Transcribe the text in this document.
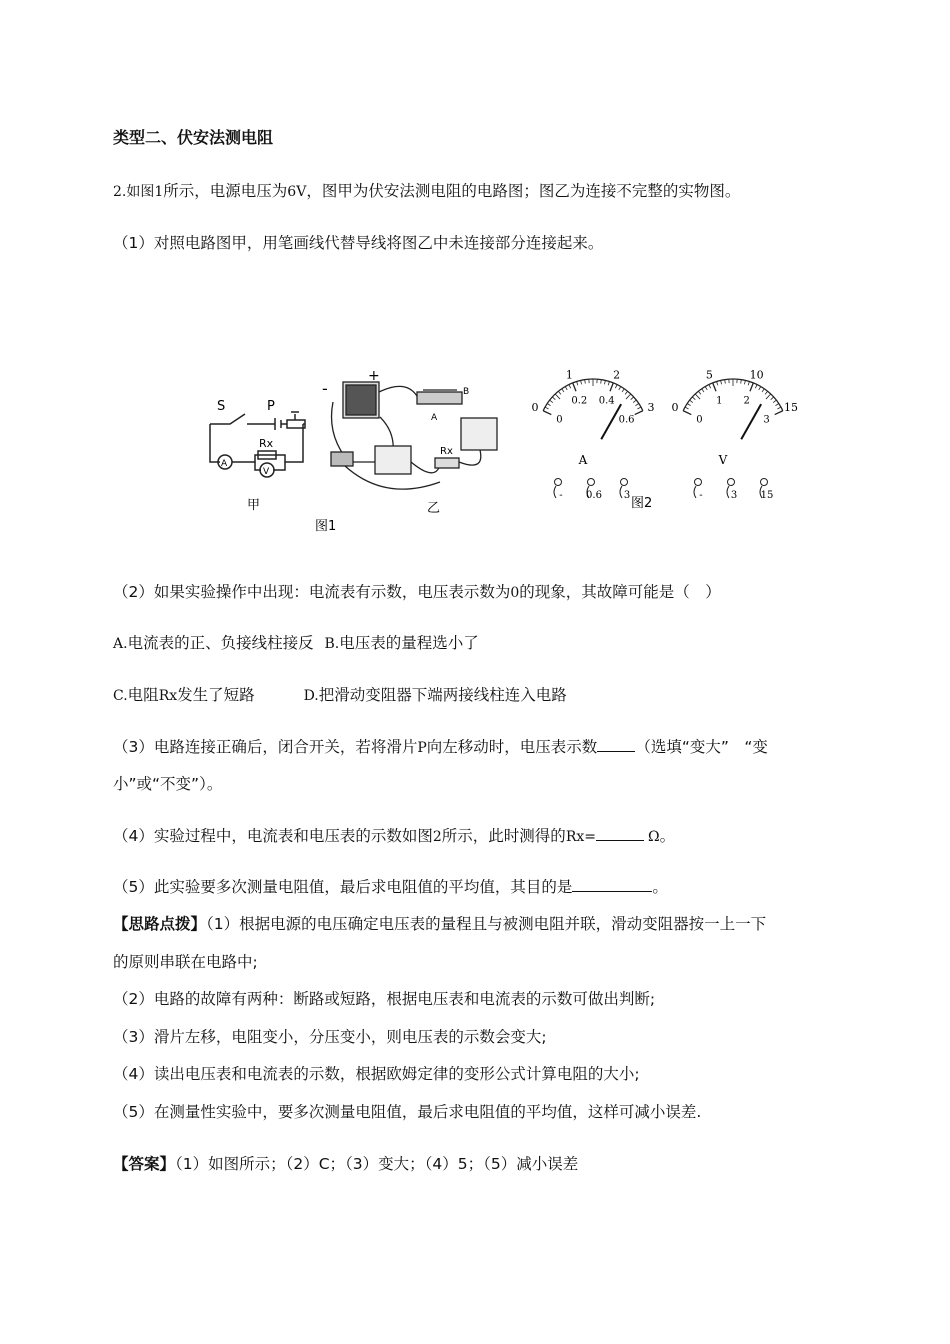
类型二、伏安法测电阻
2.如图1所示，电源电压为6V，图甲为伏安法测电阻的电路图；图乙为连接不完整的实物图。
（1）对照电路图甲，用笔画线代替导线将图乙中未连接部分连接起来。
S	P
Rx
A
V
甲
+
-
A
B
Rx
乙
图1
0
1	2
3
0
0.2 0.4
0.6
A
- 0.6 3
0
5	10
15
0
1 2
3
V
-	3 15
图2
（2）如果实验操作中出现：电流表有示数，电压表示数为0的现象，其故障可能是（　）
A.电流表的正、负接线柱接反 B.电压表的量程选小了
C.电阻Rx发生了短路	D.把滑动变阻器下端两接线柱连入电路
（3）电路连接正确后，闭合开关，若将滑片P向左移动时，电压表示数 （选填“变大”　“变
小”或“不变”）。
（4）实验过程中，电流表和电压表的示数如图2所示，此时测得的Rx=	Ω。
（5）此实验要多次测量电阻值，最后求电阻值的平均值，其目的是	。
【思路点拨】（1）根据电源的电压确定电压表的量程且与被测电阻并联，滑动变阻器按一上一下
的原则串联在电路中;
（2）电路的故障有两种：断路或短路，根据电压表和电流表的示数可做出判断;
（3）滑片左移，电阻变小，分压变小，则电压表的示数会变大;
（4）读出电压表和电流表的示数，根据欧姆定律的变形公式计算电阻的大小;
（5）在测量性实验中，要多次测量电阻值，最后求电阻值的平均值，这样可减小误差.
【答案】（1）如图所示；（2）C；（3）变大；（4）5；（5）减小误差
